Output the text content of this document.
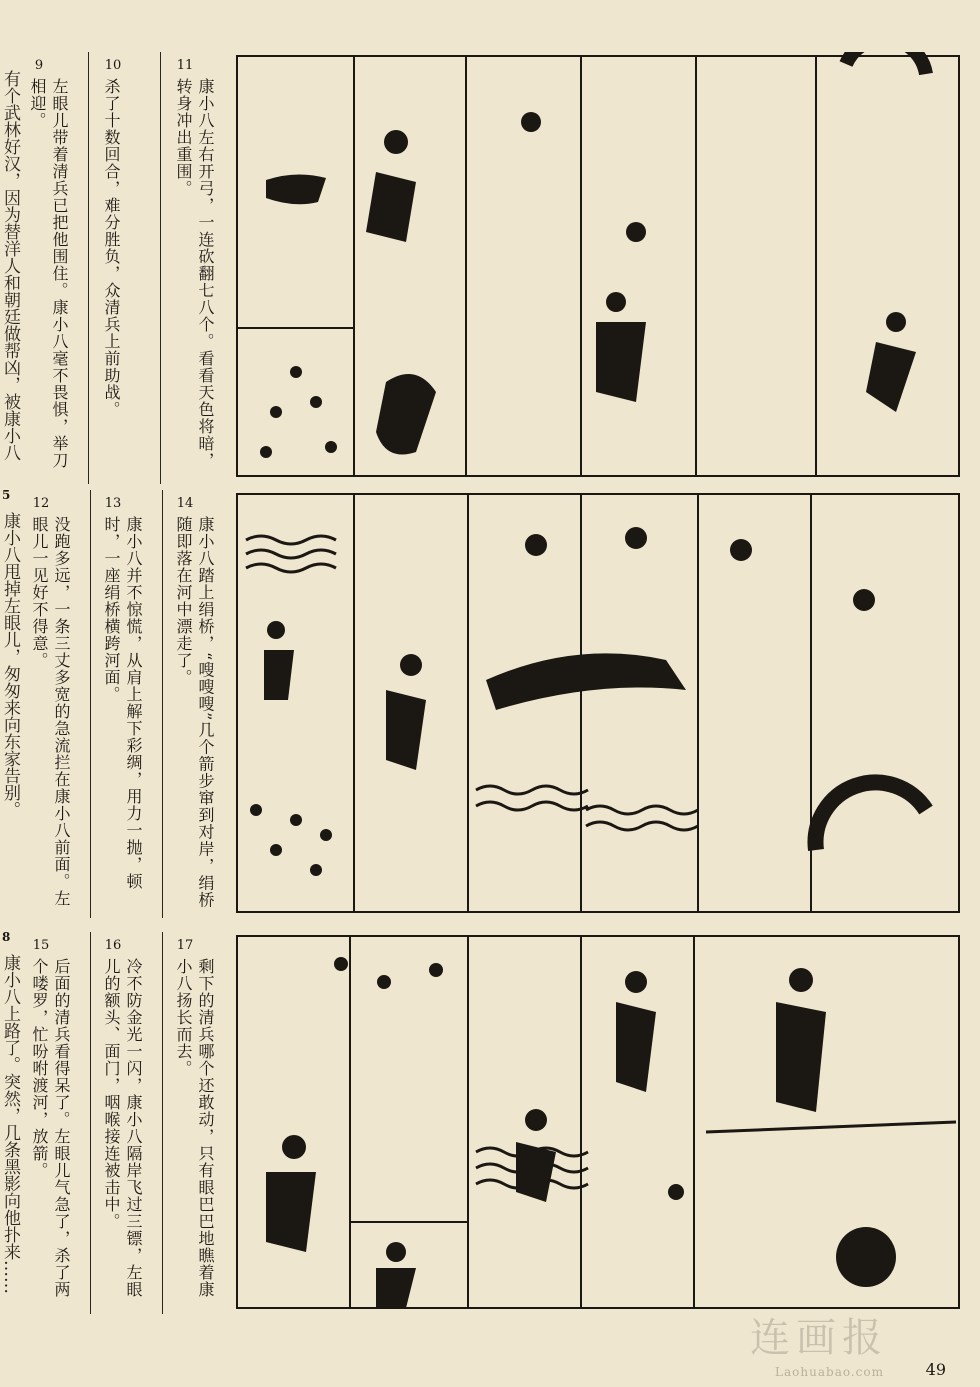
有个武林好汉，因为替洋人和朝廷做帮凶，被康小八
5
康小八甩掉左眼儿，匆匆来向东家告别。
8
康小八上路了。突然，几条黑影向他扑来……
9
左眼儿带着清兵已把他围住。康小八毫不畏惧，举刀相迎。
10
杀了十数回合，难分胜负，众清兵上前助战。
11
康小八左右开弓，一连砍翻七八个。看看天色将暗，转身冲出重围。
12
没跑多远，一条三丈多宽的急流拦在康小八前面。左眼儿一见好不得意。
13
康小八并不惊慌，从肩上解下彩绸，用力一抛，顿时，一座绢桥横跨河面。
14
康小八踏上绢桥，“嗖嗖嗖”几个箭步窜到对岸，绢桥随即落在河中漂走了。
15
后面的清兵看得呆了。左眼儿气急了，杀了两个喽罗，忙吩咐渡河，放箭。
16
冷不防金光一闪，康小八隔岸飞过三镖，左眼儿的额头、面门，咽喉接连被击中。
17
剩下的清兵哪个还敢动，只有眼巴巴地瞧着康小八扬长而去。
连画报
Laohuabao.com	49
